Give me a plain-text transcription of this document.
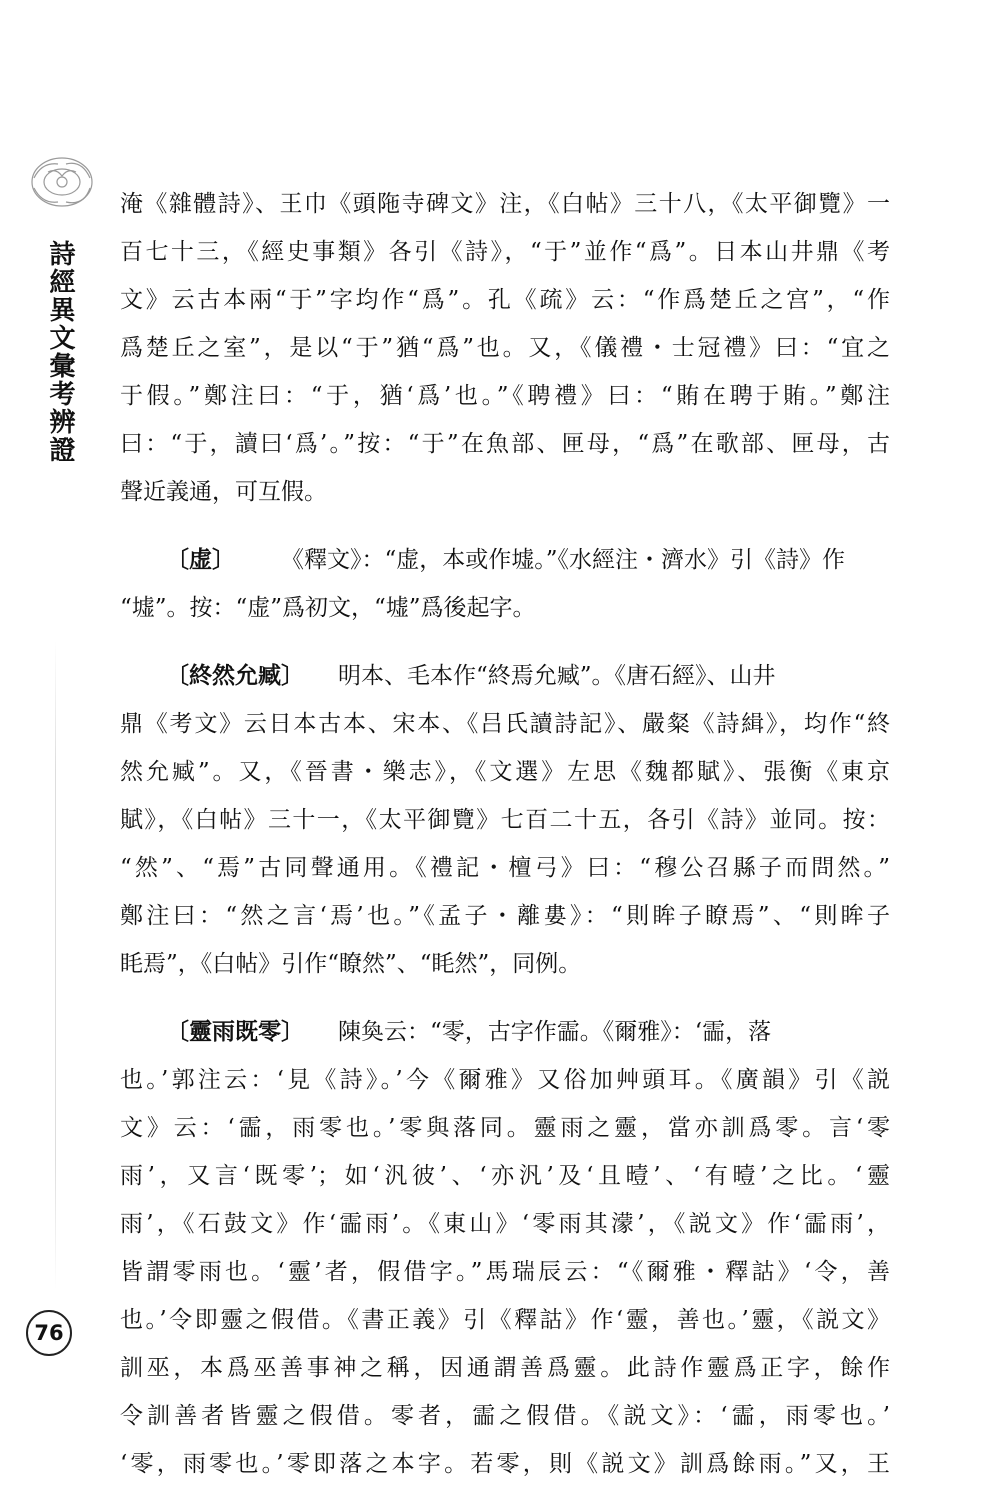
詩經異文彙考辨證

淹《雜體詩》、王巾《頭陁寺碑文》注，《白帖》三十八，《太平御覽》一

百七十三，《經史事類》各引《詩》，“于”並作“爲”。日本山井鼎《考

文》云古本兩“于”字均作“爲”。孔《疏》云：“作爲楚丘之宫”，“作

爲楚丘之室”，是以“于”猶“爲”也。又，《儀禮・士冠禮》曰：“宜之

于假。”鄭注曰：“于，猶‘爲’也。”《聘禮》曰：“賄在聘于賄。”鄭注

曰：“于，讀曰‘爲’。”按：“于”在魚部、匣母，“爲”在歌部、匣母，古

聲近義通，可互假。

〔虚〕 《釋文》：“虚，本或作墟。”《水經注・濟水》引《詩》作

“墟”。按：“虚”爲初文，“墟”爲後起字。

〔終然允臧〕 明本、毛本作“終焉允臧”。《唐石經》、山井

鼎《考文》云日本古本、宋本、《吕氏讀詩記》、嚴粲《詩緝》，均作“終

然允臧”。又，《晉書・樂志》，《文選》左思《魏都賦》、張衡《東京

賦》，《白帖》三十一，《太平御覽》七百二十五，各引《詩》並同。按：

“然”、“焉”古同聲通用。《禮記・檀弓》曰：“穆公召縣子而問然。”

鄭注曰：“然之言‘焉’也。”《孟子・離婁》：“則眸子瞭焉”、“則眸子

眊焉”，《白帖》引作“瞭然”、“眊然”，同例。

〔靈雨既零〕 陳奐云：“零，古字作霝。《爾雅》：‘霝，落

也。’郭注云：‘見《詩》。’今《爾雅》又俗加艸頭耳。《廣韻》引《説

文》云：‘霝，雨零也。’零與落同。靈雨之靈，當亦訓爲零。言‘零

雨’，又言‘既零’；如‘汎彼’、‘亦汎’及‘且曀’、‘有曀’之比。‘靈

雨’，《石鼓文》作‘霝雨’。《東山》‘零雨其濛’，《説文》作‘霝雨’，

皆謂零雨也。‘靈’者，假借字。”馬瑞辰云：“《爾雅・釋詁》‘令，善

也。’令即靈之假借。《書正義》引《釋詁》作‘靈，善也。’靈，《説文》

訓巫，本爲巫善事神之稱，因通謂善爲靈。此詩作靈爲正字，餘作

令訓善者皆靈之假借。零者，霝之假借。《説文》：‘霝，雨零也。’

‘零，雨零也。’零即落之本字。若零，則《説文》訓爲餘雨。”又，王

76
